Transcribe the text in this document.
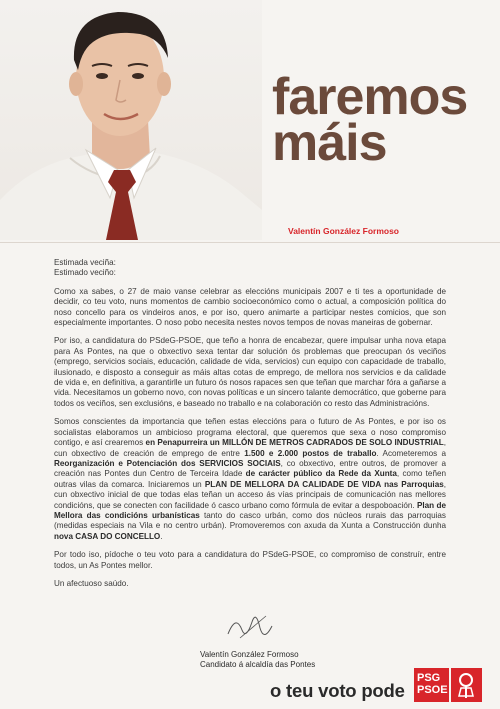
faremos
máis
Valentín González Formoso

Estimada veciña:

Estimado veciño:

Como xa sabes, o 27 de maio vanse celebrar as eleccións municipais 2007 e ti tes a oportunidade de decidir, co teu voto, nuns momentos de cambio socioeconómico como o actual, a composición política do noso concello para os vindeiros anos, e por iso, quero animarte a participar nestes comicios, que son especialmente importantes. O noso pobo necesita nestes novos tempos de novas maneiras de gobernar.

Por iso, a candidatura do PSdeG-PSOE, que teño a honra de encabezar, quere impulsar unha nova etapa para As Pontes, na que o obxectivo sexa tentar dar solución ós problemas que preocupan ós veciños (emprego, servicios sociais, educación, calidade de vida, servicios) cun equipo con capacidade de traballo, ilusionado, e disposto a conseguir as máis altas cotas de emprego, de mellora nos servicios e da calidade de vida e, en definitiva, a garantirlle un futuro ós nosos rapaces sen que teñan que marchar fóra a gañarse a vida. Necesitamos un goberno novo, con novas políticas e un sincero talante democrático, que goberne para todos os veciños, sen exclusións, e baseado no traballo e na colaboración co resto das Administracións.

Somos conscientes da importancia que teñen estas eleccións para o futuro de As Pontes, e por iso os socialistas elaboramos un ambicioso programa electoral, que queremos que sexa o noso compromiso contigo, e así crearemos en Penapurreira un MILLÓN DE METROS CADRADOS DE SOLO INDUSTRIAL, cun obxectivo de creación de emprego de entre 1.500 e 2.000 postos de traballo. Acometeremos a Reorganización e Potenciación dos SERVICIOS SOCIAIS, co obxectivo, entre outros, de promover a creación nas Pontes dun Centro de Terceira Idade de carácter público da Rede da Xunta, como teñen outras vilas da comarca. Iniciaremos un PLAN DE MELLORA DA CALIDADE DE VIDA nas Parroquias, cun obxectivo inicial de que todas elas teñan un acceso ás vías principais de comunicación nas mellores condicións, que se conecten con facilidade ó casco urbano como fórmula de evitar a despoboación. Plan de Mellora das condicións urbanísticas tanto do casco urbán, como dos núcleos rurais das parroquias (medidas especiais na Vila e no centro urbán). Promoveremos con axuda da Xunta a Construcción dunha nova CASA DO CONCELLO.

Por todo iso, pídoche o teu voto para a candidatura do PSdeG-PSOE, co compromiso de construír, entre todos, un As Pontes mellor.

Un afectuoso saúdo.

Valentín González Formoso
Candidato á alcaldía das Pontes
o teu voto pode
PSG
PSOE
